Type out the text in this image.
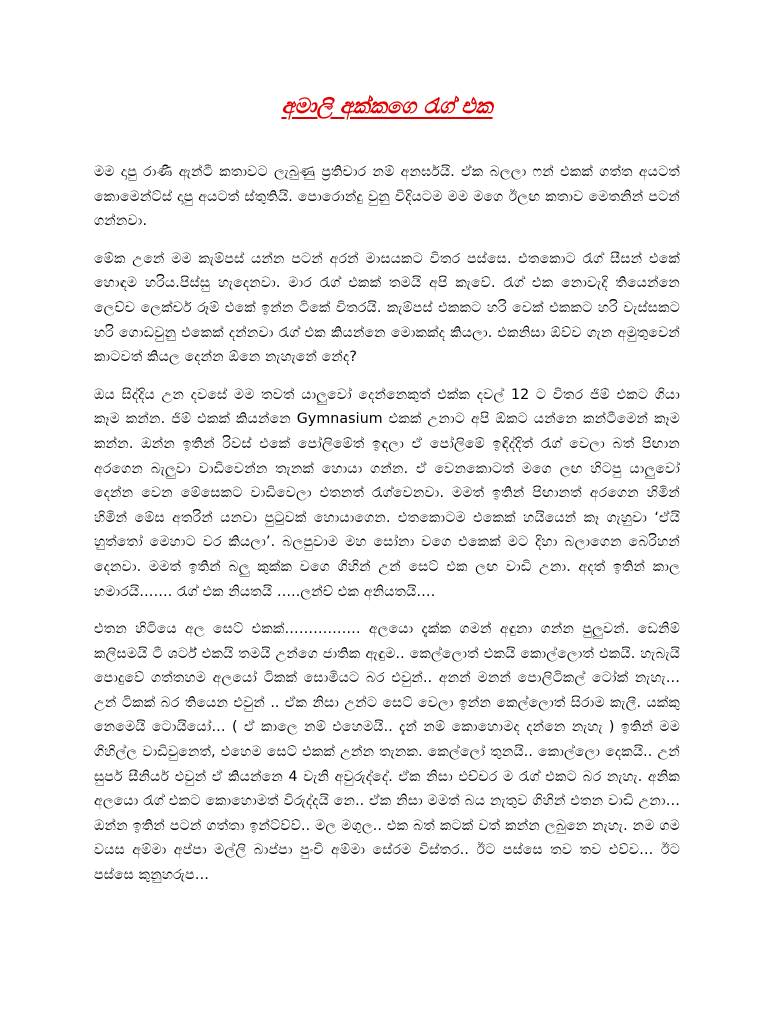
අමාලි අක්කගෙ රැග් එක

මම දාපු රාණී ඇන්ටී කතාවට ලැබුණු ප්‍රතිචාර නම් අනර්ඝයි. ඒක බලලා ෆන් එකක් ගත්ත අයටත් කොමෙන්ට්ස් දාපු අයටත් ස්තුතියි. පොරොන්දු වුනු විදියටම මම මගෙ ඊලඟ කතාව මෙතනින් පටන් ගන්නවා.

මේක උනේ මම කැම්පස් යන්න පටන් අරන් මාසයකට විතර පස්සෙ. එතකොට රැග් සීසන් එකේ හොඳම හරිය.පිස්සු හැදෙනවා. මාර රැග් එකක් තමයි අපි කැවේ. රැග් එක නොවැදි තියෙන්නෙ ලෙච්ච ලෙක්චර් රූම් එකේ ඉන්න ටිකේ විතරයි. කැම්පස් එකකට හරි වෙක් එකකට හරි වැස්සකට හරි ගොඩවුනු එකෙක් දන්නවා රැග් එක කියන්නෙ මොකක්ද කියලා. එකනිසා ඕව්ව ගැන අමුතුවෙන් කාටවත් කියල දෙන්න ඕනෙ නැහැනේ නේද?

ඔය සිද්දිය උන දවසේ මම තවත් යාලුවෝ දෙන්නෙකුත් එක්ක දවල් 12 ට විතර ජිම් එකට ගියා කෑම කන්න. ජිම් එකක් කියන්නෙ Gymnasium එකක් උනාට අපි ඕකට යන්නෙ කන්ටීමෙන් කෑම කන්න. ඔන්න ඉතින් රිවස් එකේ පෝලිමේත් ඉඳලා ඒ පෝලිමේ ඉඳිද්දිත් රැග් වෙලා බත් පිඟාන අරගෙන බැලුවා වාඩිවෙන්න තැනක් හොයා ගන්න. ඒ වෙනකොටත් මගෙ ලඟ හිටපු යාලුවෝ දෙන්න වෙන මේසෙකට වාඩිවෙලා එතනත් රැග්වෙනවා. මමත් ඉතින් පිඟානත් අරගෙන හිමින් හිමින් මේස අතරින් යනවා පුටුවක් හොයාගෙන. එතකොටම එකෙක් හයියෙන් කෑ ගැහුවා ‘ඒයි හුත්තෝ මෙහාට වර කියලා’. බලපුවාම මහ සෝනා වගෙ එකෙක් මට දිහා බලාගෙන බෙරිහන් දෙනවා. මමත් ඉතින් බලු කුක්ක වගෙ ගිහින් උන් සෙට් එක ලඟ වාඩි උනා. අදත් ඉතින් කාල හමාරයි……. රැග් එක නියතයි …..ලන්ච් එක අනියතයි….

එතන හිටියෙ අල සෙට් එකක්……………. අලයො දැක්ක ගමන් අඳුනා ගන්න පුලුවන්. ඩෙනිම් කලිසමයි ටී ශර්ට් එකයි තමයි උන්ගෙ ජාතික ඇඳුම.. කෙල්ලොත් එකයි කොල්ලොත් එකයි. හැබැයි පොදුවේ ගත්තහම අලයෝ ටිකක් සොමියට බර එවුන්.. අනන් මනන් පොලිටිකල් ටෝක් නැහැ… උන් ටිකක් බර තියෙන එවුන් .. ඒක නිසා උන්ට සෙට් වෙලා ඉන්න කෙල්ලොත් සිරාම කැලී. යක්කු නෙමෙයි ටොයියෝ… ( ඒ කාලෙ නම් එහෙමයි.. දැන් නම් කොහොමද දන්නෙ නැහැ ) ඉතින් මම ගිහිල්ල වාඩිවුනෙත්, එහෙම සෙට් එකක් උන්න තැනක. කෙල්ලෝ තුනයි.. කොල්ලො දෙකයි.. උන් සුපර් සීනියර් එවුන් ඒ කියන්නෙ 4 වැනි අවුරුද්දේ. ඒක නිසා එච්චර ම රැග් එකට බර නැහැ. අනික අලයො රැග් එකට කොහොමත් විරුද්දයි නෙ.. ඒක නිසා මමත් බය නැතුව ගිහින් එතන වාඩි උනා…ඔන්න ඉතින් පටන් ගත්තා ඉන්ට්ව්ව්.. මල මගුල.. එක බත් කටක් වත් කන්න ලබුනෙ නැහැ. නම ගම වයස අම්මා අප්පා මල්ලි බාප්පා පුංචි අම්මා සේරම විස්තර.. ඊට පස්සෙ තව තව එව්ව… ඊට පස්සෙ කුනුහරුප…
